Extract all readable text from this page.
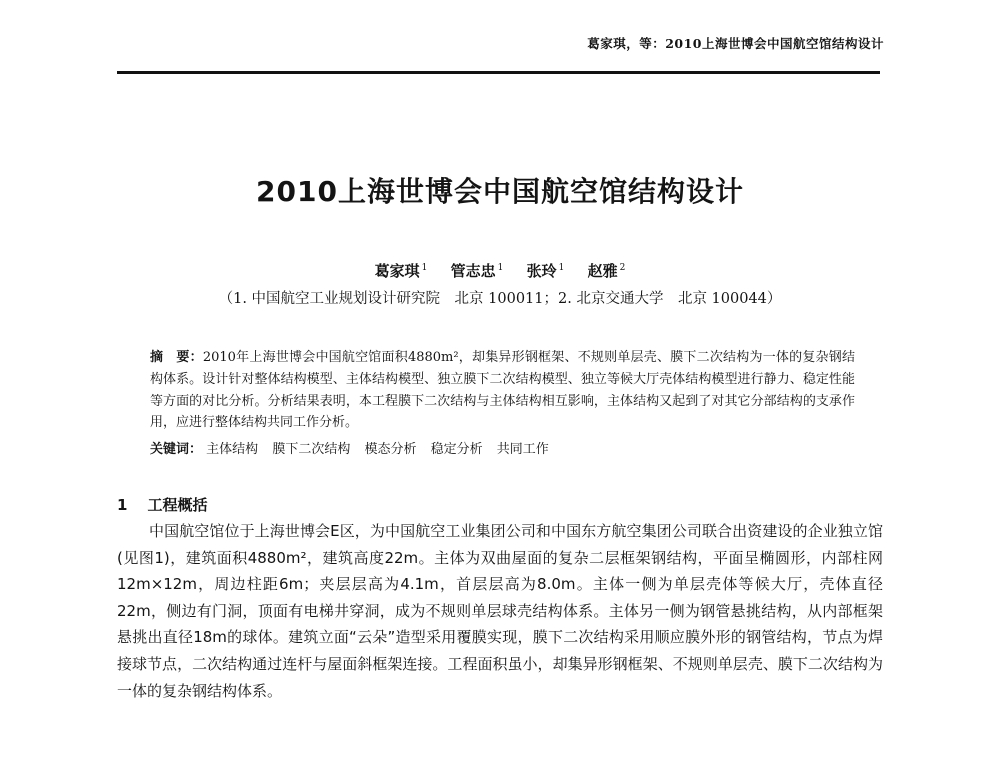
葛家琪，等：2010上海世博会中国航空馆结构设计
2010上海世博会中国航空馆结构设计
葛家琪 $^1$ 管志忠 $^1$ 张玲 $^1$ 赵雅 $^2$
（1. 中国航空工业规划设计研究院　北京 100011；2. 北京交通大学　北京 100044）
摘　要：2010年上海世博会中国航空馆面积4880m²，却集异形钢框架、不规则单层壳、膜下二次结构为一体的复杂钢结构体系。设计针对整体结构模型、主体结构模型、独立膜下二次结构模型、独立等候大厅壳体结构模型进行静力、稳定性能等方面的对比分析。分析结果表明，本工程膜下二次结构与主体结构相互影响，主体结构又起到了对其它分部结构的支承作用，应进行整体结构共同工作分析。
关键词： 主体结构 膜下二次结构 模态分析 稳定分析 共同工作
1 工程概括
中国航空馆位于上海世博会E区，为中国航空工业集团公司和中国东方航空集团公司联合出资建设的企业独立馆(见图1)，建筑面积4880m²，建筑高度22m。主体为双曲屋面的复杂二层框架钢结构，平面呈椭圆形，内部柱网12m×12m，周边柱距6m；夹层层高为4.1m，首层层高为8.0m。主体一侧为单层壳体等候大厅，壳体直径22m，侧边有门洞，顶面有电梯井穿洞，成为不规则单层球壳结构体系。主体另一侧为钢管悬挑结构，从内部框架悬挑出直径18m的球体。建筑立面“云朵”造型采用覆膜实现，膜下二次结构采用顺应膜外形的钢管结构，节点为焊接球节点，二次结构通过连杆与屋面斜框架连接。工程面积虽小，却集异形钢框架、不规则单层壳、膜下二次结构为一体的复杂钢结构体系。
